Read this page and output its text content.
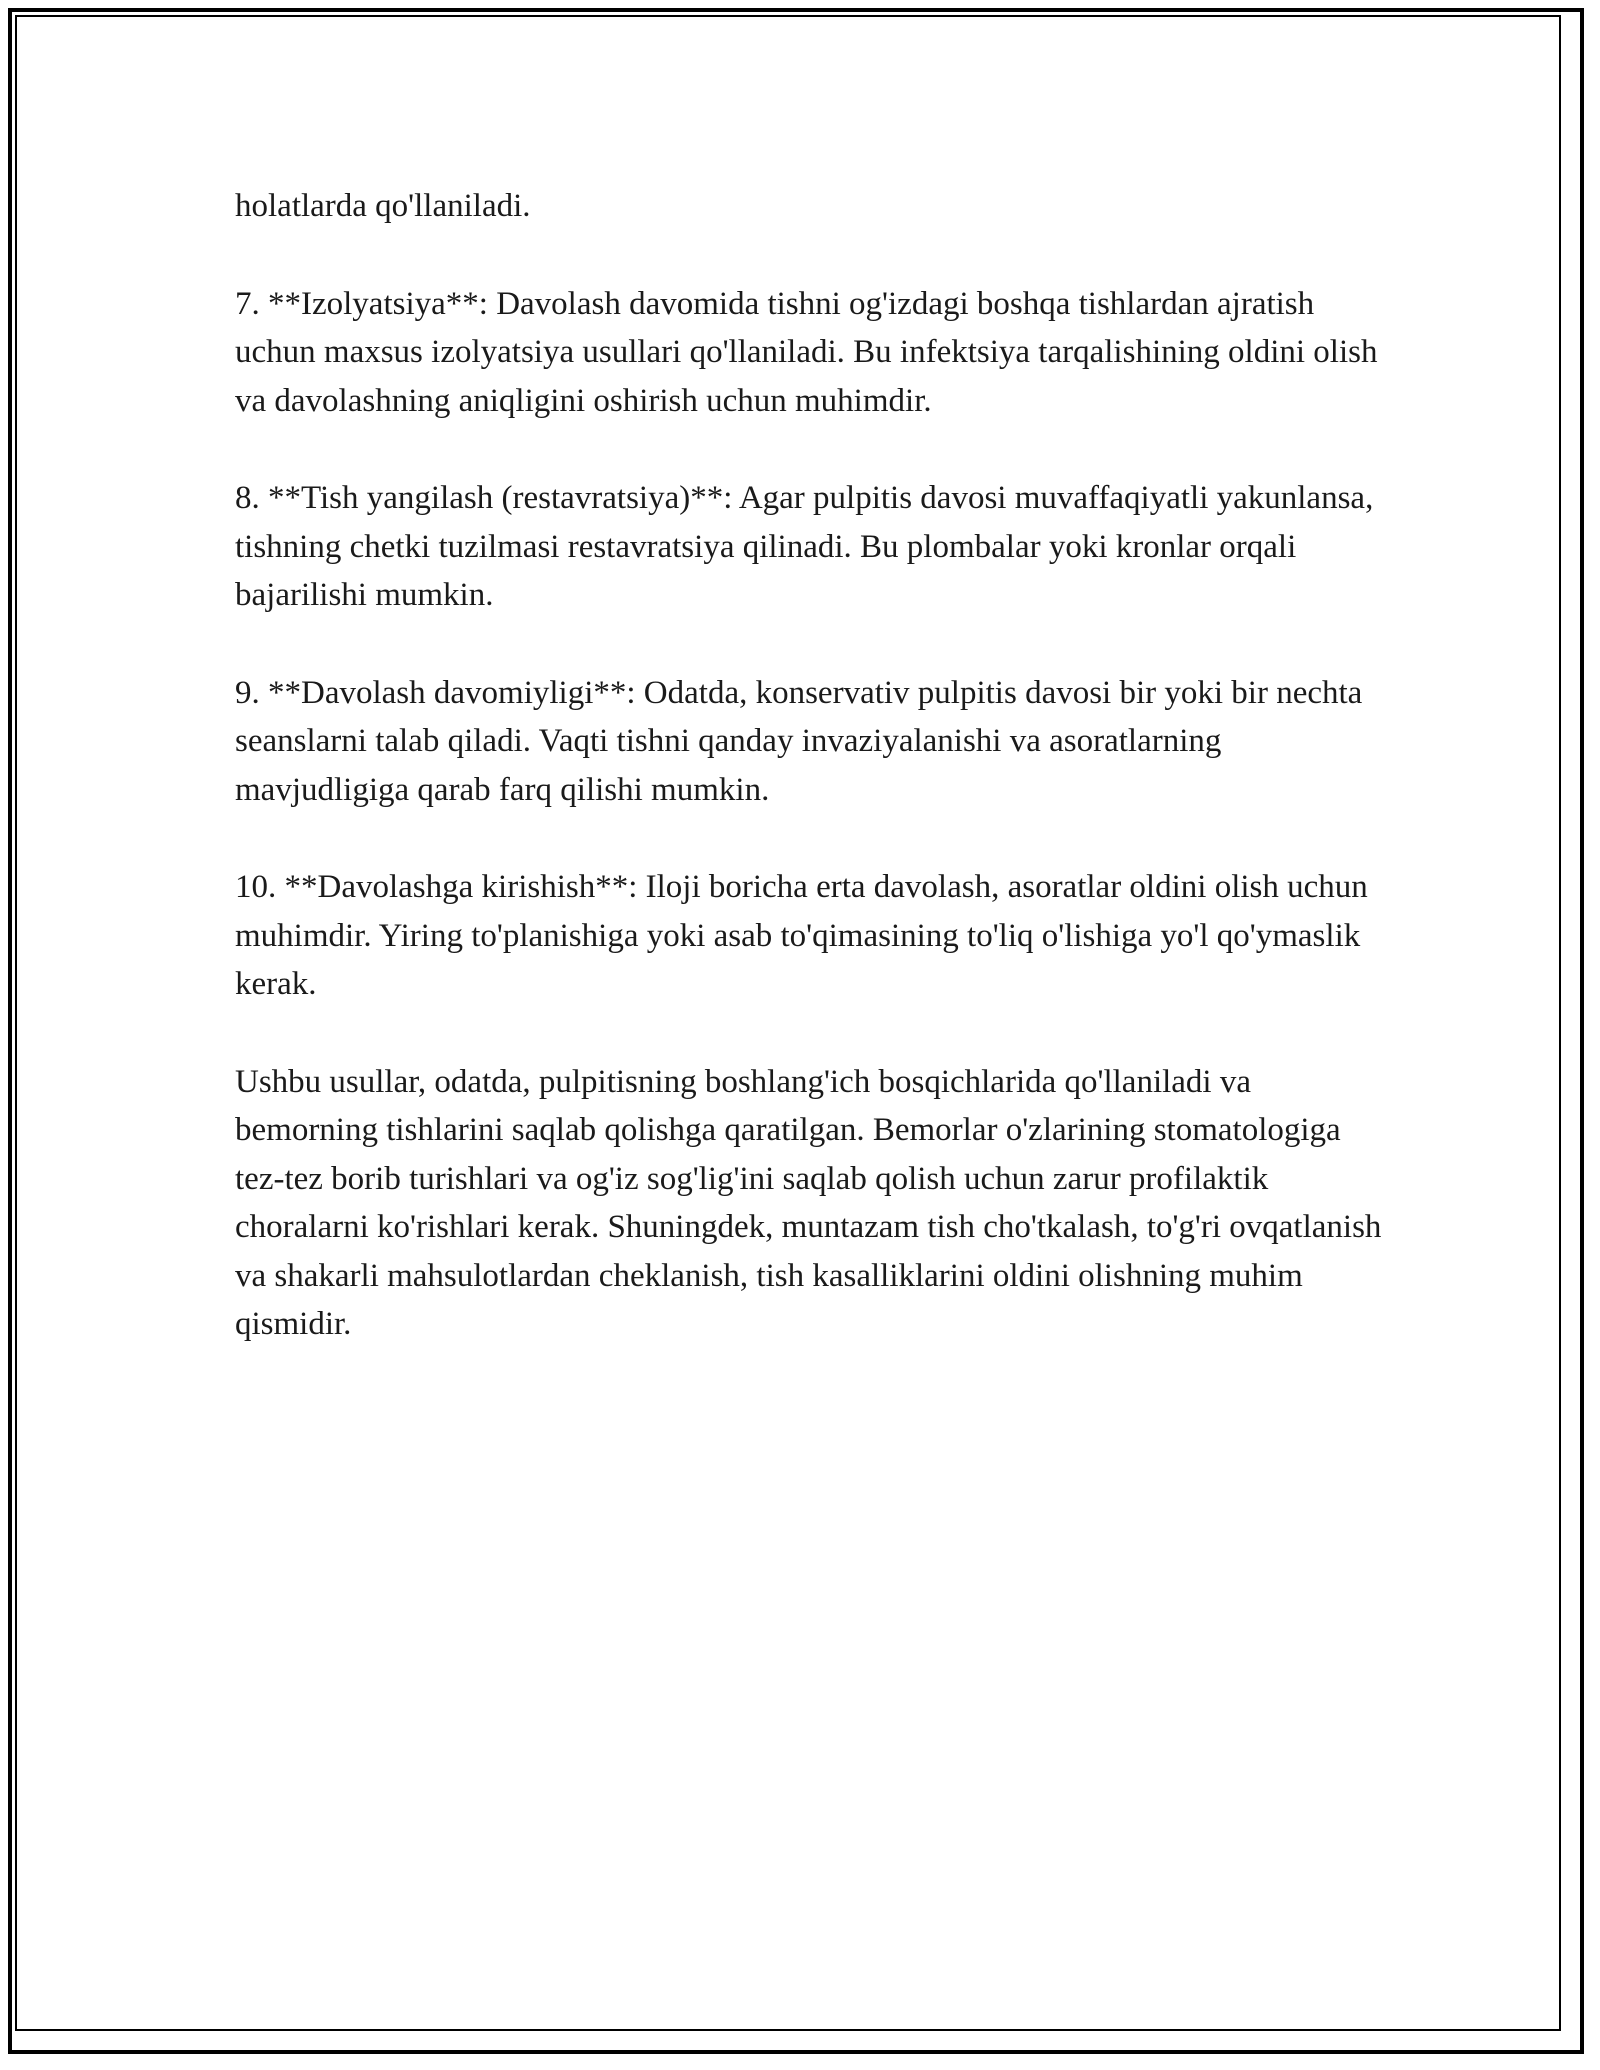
holatlarda qo'llaniladi.

7. **Izolyatsiya**: Davolash davomida tishni og'izdagi boshqa tishlardan ajratish uchun maxsus izolyatsiya usullari qo'llaniladi. Bu infektsiya tarqalishining oldini olish va davolashning aniqligini oshirish uchun muhimdir.

8. **Tish yangilash (restavratsiya)**: Agar pulpitis davosi muvaffaqiyatli yakunlansa, tishning chetki tuzilmasi restavratsiya qilinadi. Bu plombalar yoki kronlar orqali bajarilishi mumkin.

9. **Davolash davomiyligi**: Odatda, konservativ pulpitis davosi bir yoki bir nechta seanslarni talab qiladi. Vaqti tishni qanday invaziyalanishi va asoratlarning mavjudligiga qarab farq qilishi mumkin.

10. **Davolashga kirishish**: Iloji boricha erta davolash, asoratlar oldini olish uchun muhimdir. Yiring to'planishiga yoki asab to'qimasining to'liq o'lishiga yo'l qo'ymaslik kerak.

Ushbu usullar, odatda, pulpitisning boshlang'ich bosqichlarida qo'llaniladi va bemorning tishlarini saqlab qolishga qaratilgan. Bemorlar o'zlarining stomatologiga tez-tez borib turishlari va og'iz sog'lig'ini saqlab qolish uchun zarur profilaktik choralarni ko'rishlari kerak. Shuningdek, muntazam tish cho'tkalash, to'g'ri ovqatlanish va shakarli mahsulotlardan cheklanish, tish kasalliklarini oldini olishning muhim qismidir.
